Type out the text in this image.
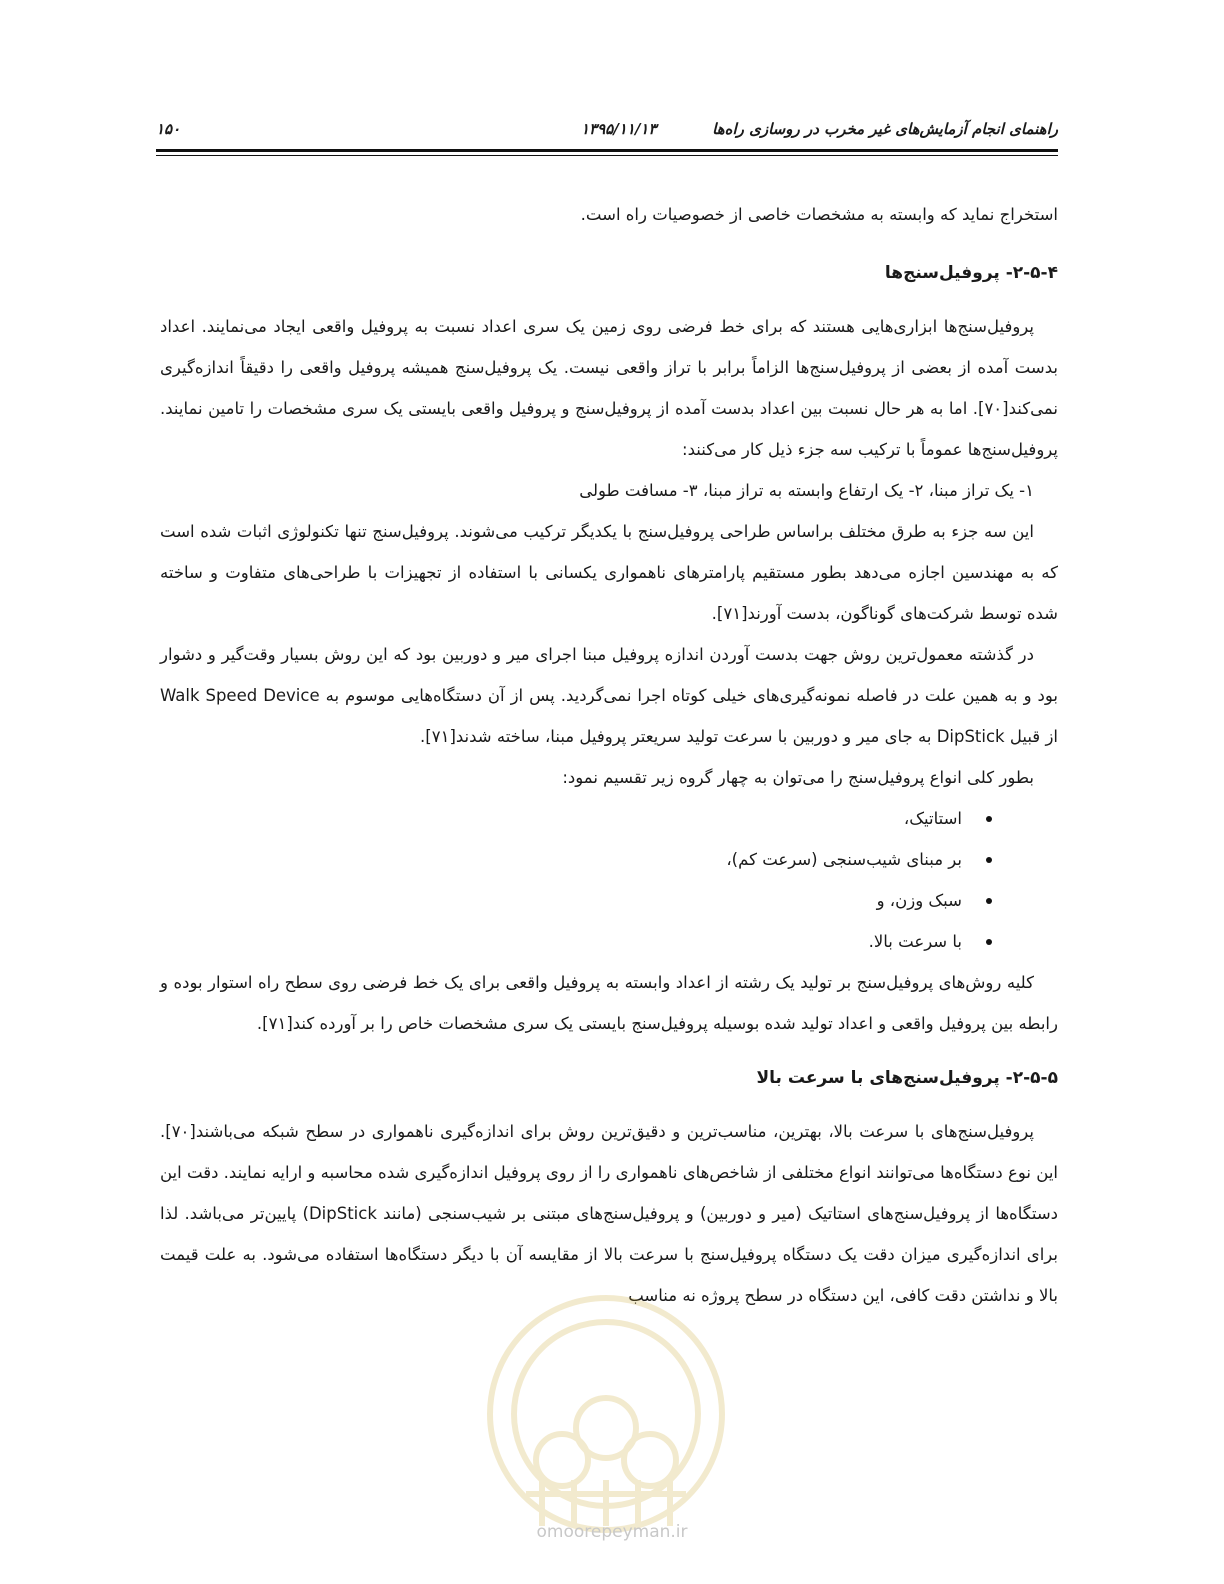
راهنمای انجام آزمایش‌های غیر مخرب در روسازی راه‌ها
۱۳۹۵/۱۱/۱۳
۱۵۰

استخراج نماید که وابسته به مشخصات خاصی از خصوصیات راه است.

۲-۵-۴- پروفیل‌سنج‌ها

پروفیل‌سنج‌ها ابزاری‌هایی هستند که برای خط فرضی روی زمین یک سری اعداد نسبت به پروفیل واقعی ایجاد می‌نمایند. اعداد بدست آمده از بعضی از پروفیل‌سنج‌ها الزاماً برابر با تراز واقعی نیست. یک پروفیل‌سنج همیشه پروفیل واقعی را دقیقاً اندازه‌گیری نمی‌کند[۷۰]. اما به هر حال نسبت بین اعداد بدست آمده از پروفیل‌سنج و پروفیل واقعی بایستی یک سری مشخصات را تامین نمایند. پروفیل‌سنج‌ها عموماً با ترکیب سه جزء ذیل کار می‌کنند:

۱- یک تراز مبنا، ۲- یک ارتفاع وابسته به تراز مبنا، ۳- مسافت طولی

این سه جزء به طرق مختلف براساس طراحی پروفیل‌سنج با یکدیگر ترکیب می‌شوند. پروفیل‌سنج تنها تکنولوژی اثبات شده است که به مهندسین اجازه می‌دهد بطور مستقیم پارامترهای ناهمواری یکسانی با استفاده از تجهیزات با طراحی‌های متفاوت و ساخته شده توسط شرکت‌های گوناگون، بدست آورند[۷۱].

در گذشته معمول‌ترین روش جهت بدست آوردن اندازه پروفیل مبنا اجرای میر و دوربین بود که این روش بسیار وقت‌گیر و دشوار بود و به همین علت در فاصله نمونه‌گیری‌های خیلی کوتاه اجرا نمی‌گردید. پس از آن دستگاه‌هایی موسوم به Walk Speed Device از قبیل DipStick به جای میر و دوربین با سرعت تولید سریعتر پروفیل مبنا، ساخته شدند[۷۱].

بطور کلی انواع پروفیل‌سنج را می‌توان به چهار گروه زیر تقسیم نمود:

استاتیک،
بر مبنای شیب‌سنجی (سرعت کم)،
سبک وزن، و
با سرعت بالا.

کلیه روش‌های پروفیل‌سنج بر تولید یک رشته از اعداد وابسته به پروفیل واقعی برای یک خط فرضی روی سطح راه استوار بوده و رابطه بین پروفیل واقعی و اعداد تولید شده بوسیله پروفیل‌سنج بایستی یک سری مشخصات خاص را بر آورده کند[۷۱].

۲-۵-۵- پروفیل‌سنج‌های با سرعت بالا

پروفیل‌سنج‌های با سرعت بالا، بهترین، مناسب‌ترین و دقیق‌ترین روش برای اندازه‌گیری ناهمواری در سطح شبکه می‌باشند[۷۰]. این نوع دستگاه‌ها می‌توانند انواع مختلفی از شاخص‌های ناهمواری را از روی پروفیل اندازه‌گیری شده محاسبه و ارایه نمایند. دقت این دستگاه‌ها از پروفیل‌سنج‌های استاتیک (میر و دوربین) و پروفیل‌سنج‌های مبتنی بر شیب‌سنجی (مانند DipStick) پایین‌تر می‌باشد. لذا برای اندازه‌گیری میزان دقت یک دستگاه پروفیل‌سنج با سرعت بالا از مقایسه آن با دیگر دستگاه‌ها استفاده می‌شود. به علت قیمت بالا و نداشتن دقت کافی، این دستگاه در سطح پروژه نه مناسب

omoorepeyman.ir
